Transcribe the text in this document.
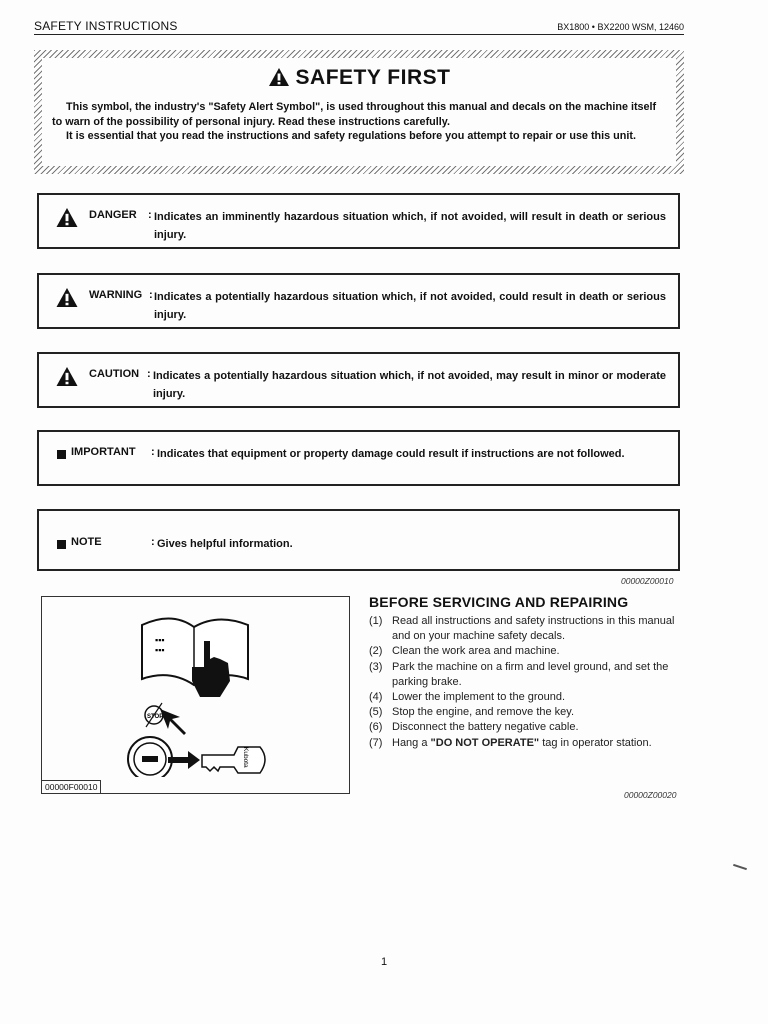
SAFETY INSTRUCTIONS	BX1800 • BX2200 WSM, 12460
SAFETY FIRST

This symbol, the industry's "Safety Alert Symbol", is used throughout this manual and decals on the machine itself to warn of the possibility of personal injury. Read these instructions carefully.

It is essential that you read the instructions and safety regulations before you attempt to repair or use this unit.

DANGER : Indicates an imminently hazardous situation which, if not avoided, will result in death or serious injury.
WARNING : Indicates a potentially hazardous situation which, if not avoided, could result in death or serious injury.
CAUTION : Indicates a potentially hazardous situation which, if not avoided, may result in minor or moderate injury.
IMPORTANT : Indicates that equipment or property damage could result if instructions are not followed.
NOTE	: Gives helpful information.
00000Z00010
▪▪▪
▪▪▪
STOP
Kubota
00000F00010
BEFORE SERVICING AND REPAIRING
(1) Read all instructions and safety instructions in this manual and on your machine safety decals.
(2) Clean the work area and machine.
(3) Park the machine on a firm and level ground, and set the parking brake.
(4) Lower the implement to the ground.
(5) Stop the engine, and remove the key.
(6) Disconnect the battery negative cable.
(7) Hang a "DO NOT OPERATE" tag in operator station.
00000Z00020
1
